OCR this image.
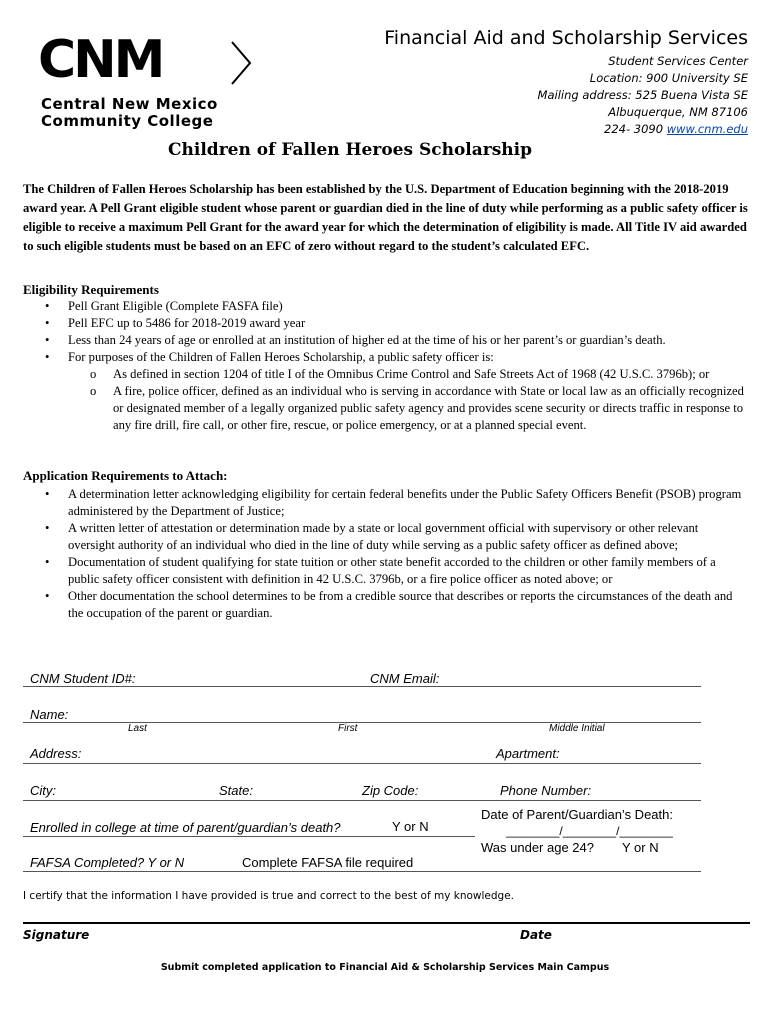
CNM
Central New Mexico
Community College
Financial Aid and Scholarship Services
Student Services Center
Location: 900 University SE
Mailing address: 525 Buena Vista SE
Albuquerque, NM 87106
224- 3090 www.cnm.edu
Children of Fallen Heroes Scholarship
The Children of Fallen Heroes Scholarship has been established by the U.S. Department of Education beginning with the 2018-2019 award year. A Pell Grant eligible student whose parent or guardian died in the line of duty while performing as a public safety officer is eligible to receive a maximum Pell Grant for the award year for which the determination of eligibility is made. All Title IV aid awarded to such eligible students must be based on an EFC of zero without regard to the student’s calculated EFC.
Eligibility Requirements
• Pell Grant Eligible (Complete FASFA file)
• Pell EFC up to 5486 for 2018-2019 award year
• Less than 24 years of age or enrolled at an institution of higher ed at the time of his or her parent’s or guardian’s death.
• For purposes of the Children of Fallen Heroes Scholarship, a public safety officer is:
o As defined in section 1204 of title I of the Omnibus Crime Control and Safe Streets Act of 1968 (42 U.S.C. 3796b); or
o A fire, police officer, defined as an individual who is serving in accordance with State or local law as an officially recognized or designated member of a legally organized public safety agency and provides scene security or directs traffic in response to any fire drill, fire call, or other fire, rescue, or police emergency, or at a planned special event.
Application Requirements to Attach:
• A determination letter acknowledging eligibility for certain federal benefits under the Public Safety Officers Benefit (PSOB) program administered by the Department of Justice;
• A written letter of attestation or determination made by a state or local government official with supervisory or other relevant oversight authority of an individual who died in the line of duty while serving as a public safety officer as defined above;
• Documentation of student qualifying for state tuition or other state benefit accorded to the children or other family members of a public safety officer consistent with definition in 42 U.S.C. 3796b, or a fire police officer as noted above; or
• Other documentation the school determines to be from a credible source that describes or reports the circumstances of the death and the occupation of the parent or guardian.
CNM Student ID#:	CNM Email:
Name:
Last	First	Middle Initial
Address:	Apartment:
City:	State:	Zip Code:	Phone Number:
Date of Parent/Guardian’s Death:
________/________/________
Enrolled in college at time of parent/guardian’s death?	Y or N
Was under age 24? Y or N
FAFSA Completed? Y or N	Complete FAFSA file required
I certify that the information I have provided is true and correct to the best of my knowledge.
Signature	Date
Submit completed application to Financial Aid & Scholarship Services Main Campus
